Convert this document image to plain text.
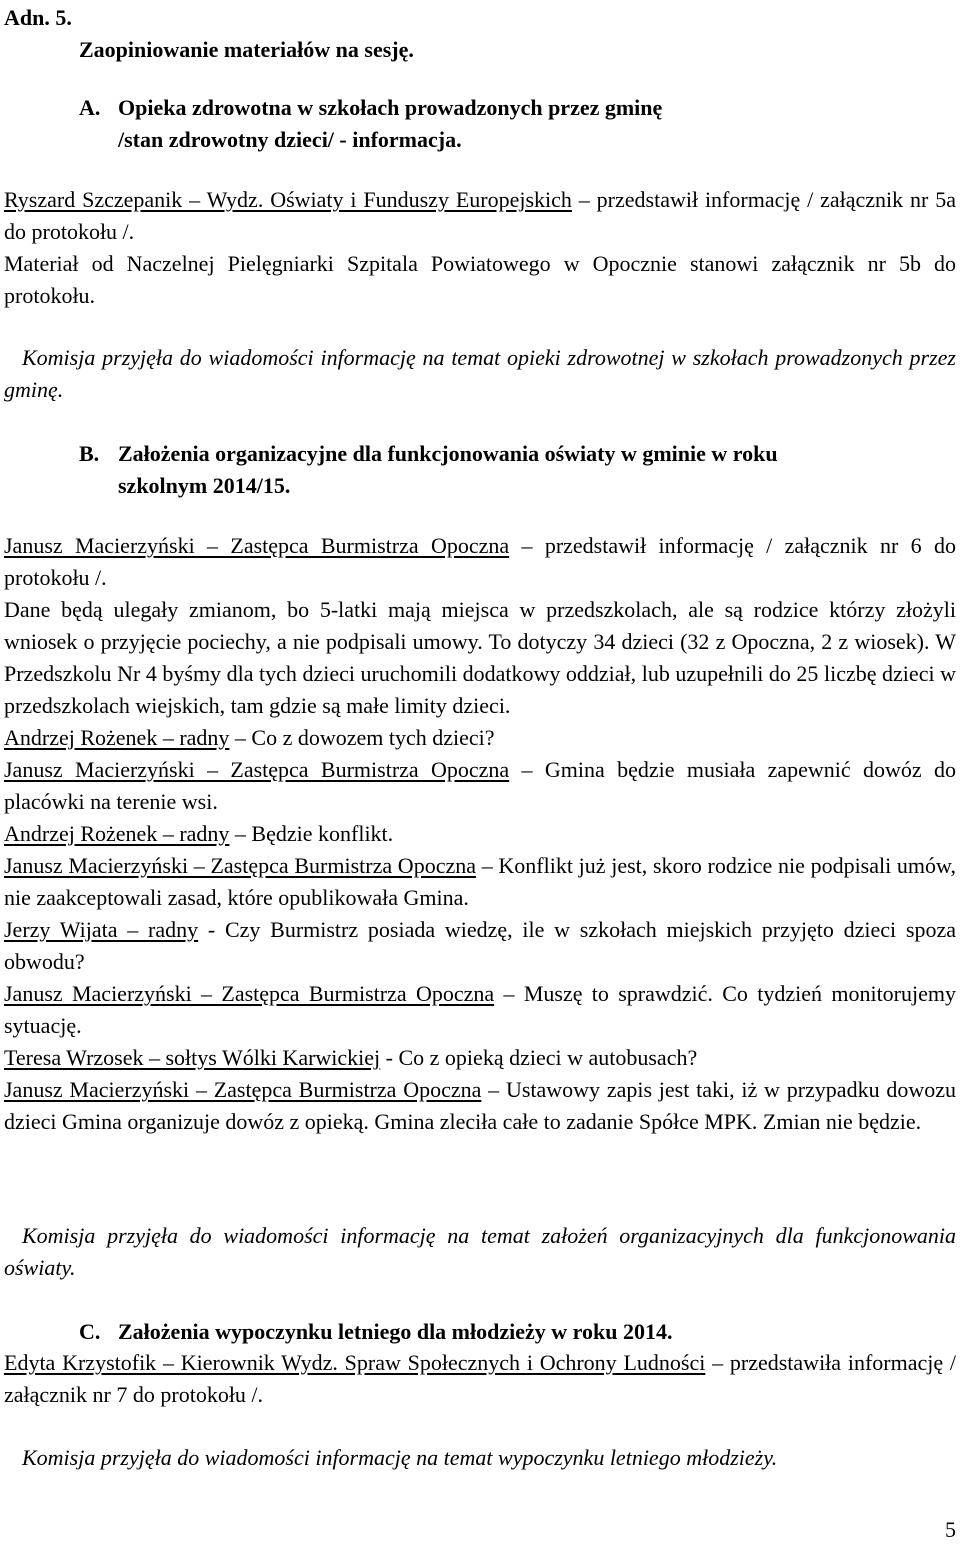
Adn. 5.
Zaopiniowanie materiałów na sesję.
A. Opieka zdrowotna w szkołach prowadzonych przez gminę
/stan zdrowotny dzieci/ - informacja.
Ryszard Szczepanik – Wydz. Oświaty i Funduszy Europejskich – przedstawił informację / załącznik nr 5a do protokołu /.
Materiał od Naczelnej Pielęgniarki Szpitala Powiatowego w Opocznie stanowi załącznik nr 5b do protokołu.
Komisja przyjęła do wiadomości informację na temat opieki zdrowotnej w szkołach prowadzonych przez gminę.
B. Założenia organizacyjne dla funkcjonowania oświaty w gminie w roku
szkolnym 2014/15.
Janusz Macierzyński – Zastępca Burmistrza Opoczna – przedstawił informację / załącznik nr 6 do protokołu /.
Dane będą ulegały zmianom, bo 5-latki mają miejsca w przedszkolach, ale są rodzice którzy złożyli wniosek o przyjęcie pociechy, a nie podpisali umowy. To dotyczy 34 dzieci (32 z Opoczna, 2 z wiosek). W Przedszkolu Nr 4 byśmy dla tych dzieci uruchomili dodatkowy oddział, lub uzupełnili do 25 liczbę dzieci w przedszkolach wiejskich, tam gdzie są małe limity dzieci.
Andrzej Rożenek – radny – Co z dowozem tych dzieci?
Janusz Macierzyński – Zastępca Burmistrza Opoczna – Gmina będzie musiała zapewnić dowóz do placówki na terenie wsi.
Andrzej Rożenek – radny – Będzie konflikt.
Janusz Macierzyński – Zastępca Burmistrza Opoczna – Konflikt już jest, skoro rodzice nie podpisali umów, nie zaakceptowali zasad, które opublikowała Gmina.
Jerzy Wijata – radny - Czy Burmistrz posiada wiedzę, ile w szkołach miejskich przyjęto dzieci spoza obwodu?
Janusz Macierzyński – Zastępca Burmistrza Opoczna – Muszę to sprawdzić. Co tydzień monitorujemy sytuację.
Teresa Wrzosek – sołtys Wólki Karwickiej - Co z opieką dzieci w autobusach?
Janusz Macierzyński – Zastępca Burmistrza Opoczna – Ustawowy zapis jest taki, iż w przypadku dowozu dzieci Gmina organizuje dowóz z opieką. Gmina zleciła całe to zadanie Spółce MPK. Zmian nie będzie.
Komisja przyjęła do wiadomości informację na temat założeń organizacyjnych dla funkcjonowania oświaty.
C. Założenia wypoczynku letniego dla młodzieży w roku 2014.
Edyta Krzystofik – Kierownik Wydz. Spraw Społecznych i Ochrony Ludności – przedstawiła informację / załącznik nr 7 do protokołu /.
Komisja przyjęła do wiadomości informację na temat wypoczynku letniego młodzieży.
5
